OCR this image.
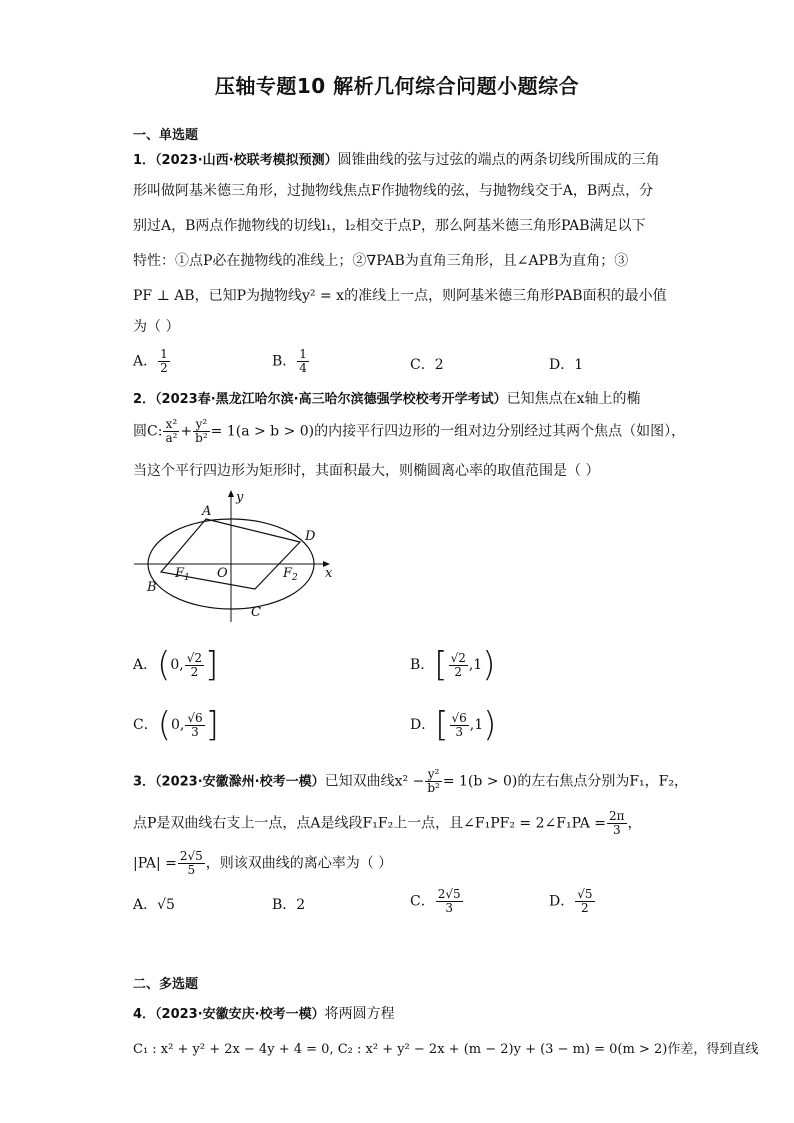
压轴专题10 解析几何综合问题小题综合
一、单选题
1．（2023·山西·校联考模拟预测）圆锥曲线的弦与过弦的端点的两条切线所围成的三角
形叫做阿基米德三角形，过抛物线焦点F作抛物线的弦，与抛物线交于A，B两点，分
别过A，B两点作抛物线的切线l₁，l₂相交于点P，那么阿基米德三角形PAB满足以下
特性：①点P必在抛物线的准线上；②∇PAB为直角三角形，且∠APB为直角；③
PF ⊥ AB，已知P为抛物线y² = x的准线上一点，则阿基米德三角形PAB面积的最小值
为（ ）
A． $\frac{1}{2}$	B． $\frac{1}{4}$	C．2	D．1
2．（2023春·黑龙江哈尔滨·高三哈尔滨德强学校校考开学考试）已知焦点在x轴上的椭
圆C: $\frac{\text{x²}}{\text{a²}} + \frac{\text{y²}}{\text{b²}} = 1(a > b > 0)$的内接平行四边形的一组对边分别经过其两个焦点（如图），
当这个平行四边形为矩形时，其面积最大，则椭圆离心率的取值范围是（ ）
y
A
D
$F_1$ O	$F_2$ x
B
C
A．(0, $\frac{√2}{2}$ ]	B．[ $\frac{√2}{2} ,1$)
C．(0, $\frac{√6}{3}$ ]	D．[ $\frac{√6}{3} ,1$)
3．（2023·安徽滁州·校考一模）已知双曲线$x^2 - \frac{\text{y²}}{\text{b²}} = 1(b > 0)$的左右焦点分别为F₁，F₂，
点P是双曲线右支上一点，点A是线段F₁F₂上一点，且∠F₁PF₂ = 2∠F₁PA = $\frac{2\pi}{3}$ ，
$|PA| = \frac{2√5}{5}$ ，则该双曲线的离心率为（ ）
A．√5	B．2	C． $\frac{2√5}{3}$	D． $\frac{√5}{2}$
二、多选题
4．（2023·安徽安庆·校考一模）将两圆方程
C₁ : x² + y² + 2x − 4y + 4 = 0, C₂ : x² + y² − 2x + (m − 2)y + (3 − m) = 0(m > 2)作差，得到直线
